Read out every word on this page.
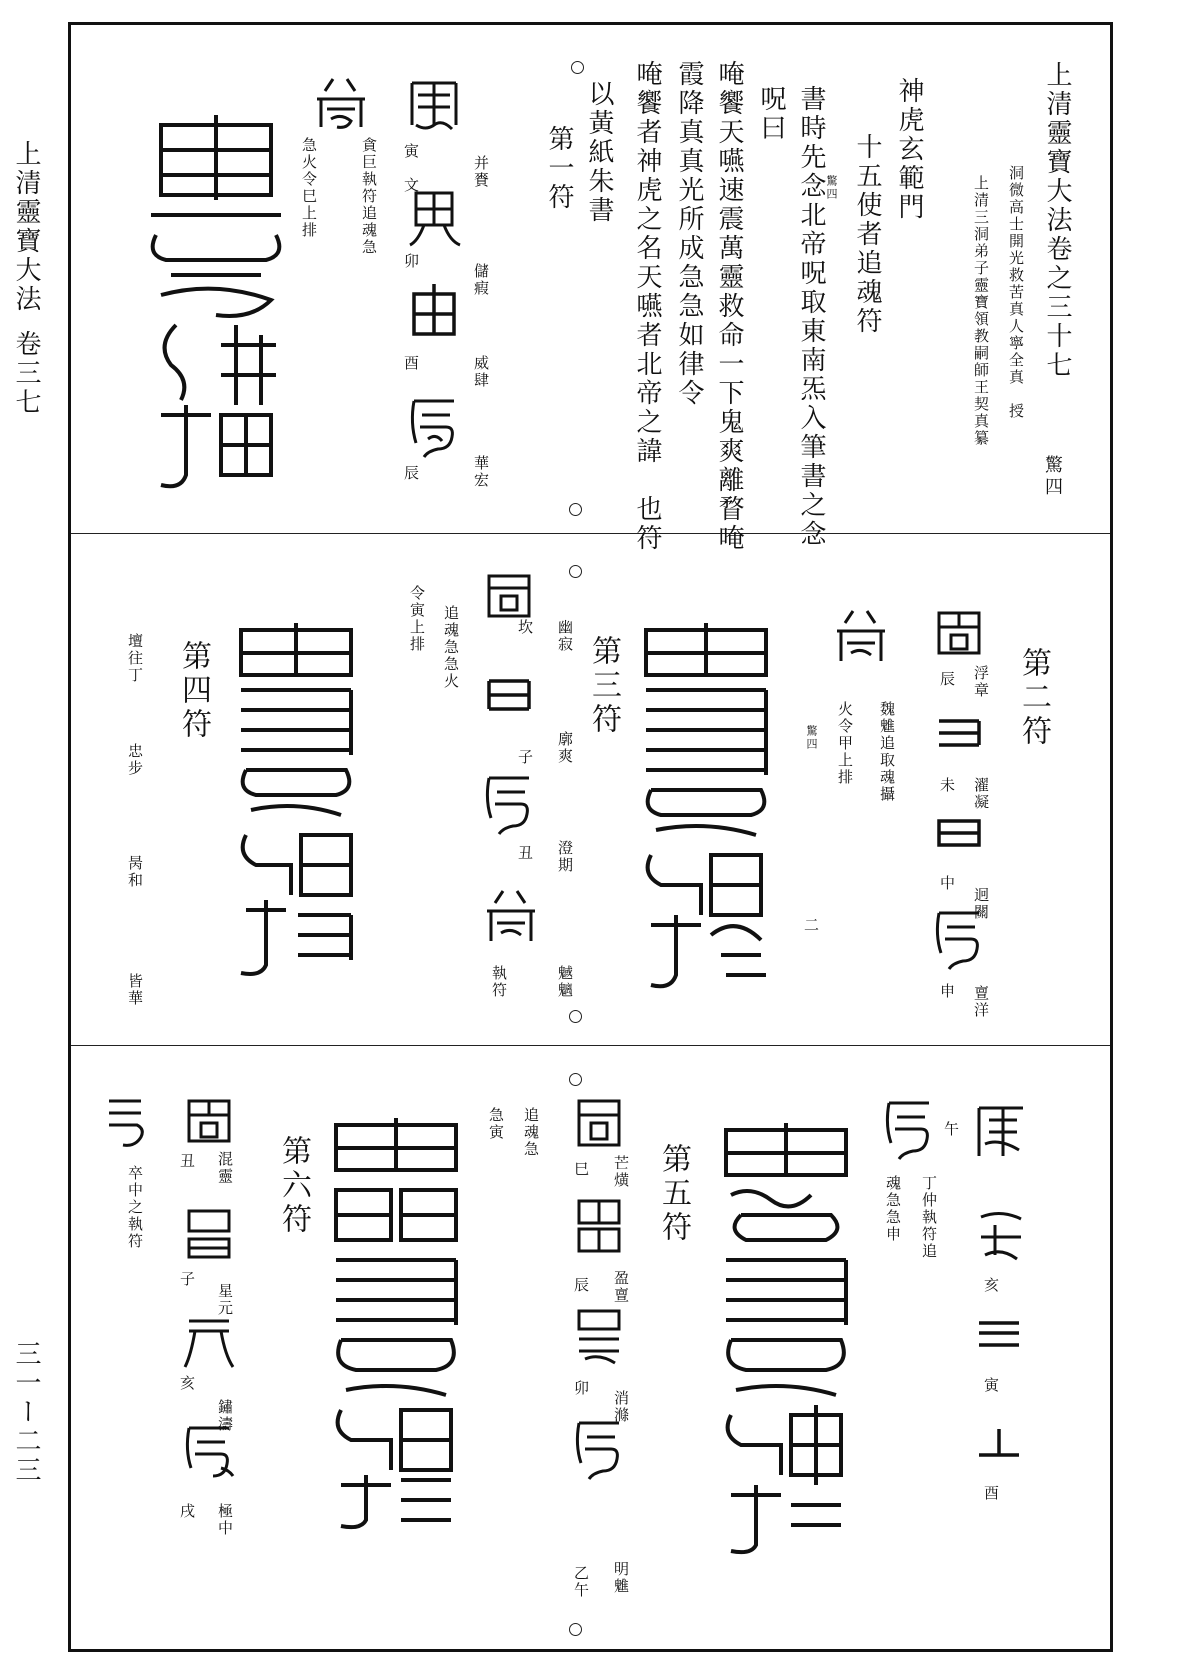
上清靈寶大法
卷三七
三一ー二三
上清靈寶大法卷之三十七
驚四
洞微高士開光救苦真人寧全真　授
上清三洞弟子靈寶領教嗣師王契真纂
神虎玄範門
十五使者追魂符
驚四
書時先念北帝呪取東南炁入筆書之念
呪曰
唵饗天嚥速震萬靈救命一下鬼爽離瞀唵
霞降真真光所成急急如律令
唵饗者神虎之名天嚥者北帝之諱　也符
以黃紙朱書
第一符
并賚
寅　文
卯
儲瘕
酉	威肆
辰	華宏
貪巨執符追魂急
急火令巳上排
第二符
浮章
辰
濯凝
未
迥關
中
亶洋
申
魏魋追取魂攝
火令甲上排
驚四
二
第三符
幽寂
坎
廓爽
子
澄期
丑
魊魑
執符
追魂急急火
令寅上排
第四符
壇往丁
忠步
昺和
皆華
午
亥
寅
酉
丁仲執符追
魂急急申
第五符
芒熿
巳
盈亶
辰
消滌
卯
明魋
乙午
追魂急
急寅
第六符
混靈
丑
星元
子
鏽濤
亥
極中
戌
卒中之執符
